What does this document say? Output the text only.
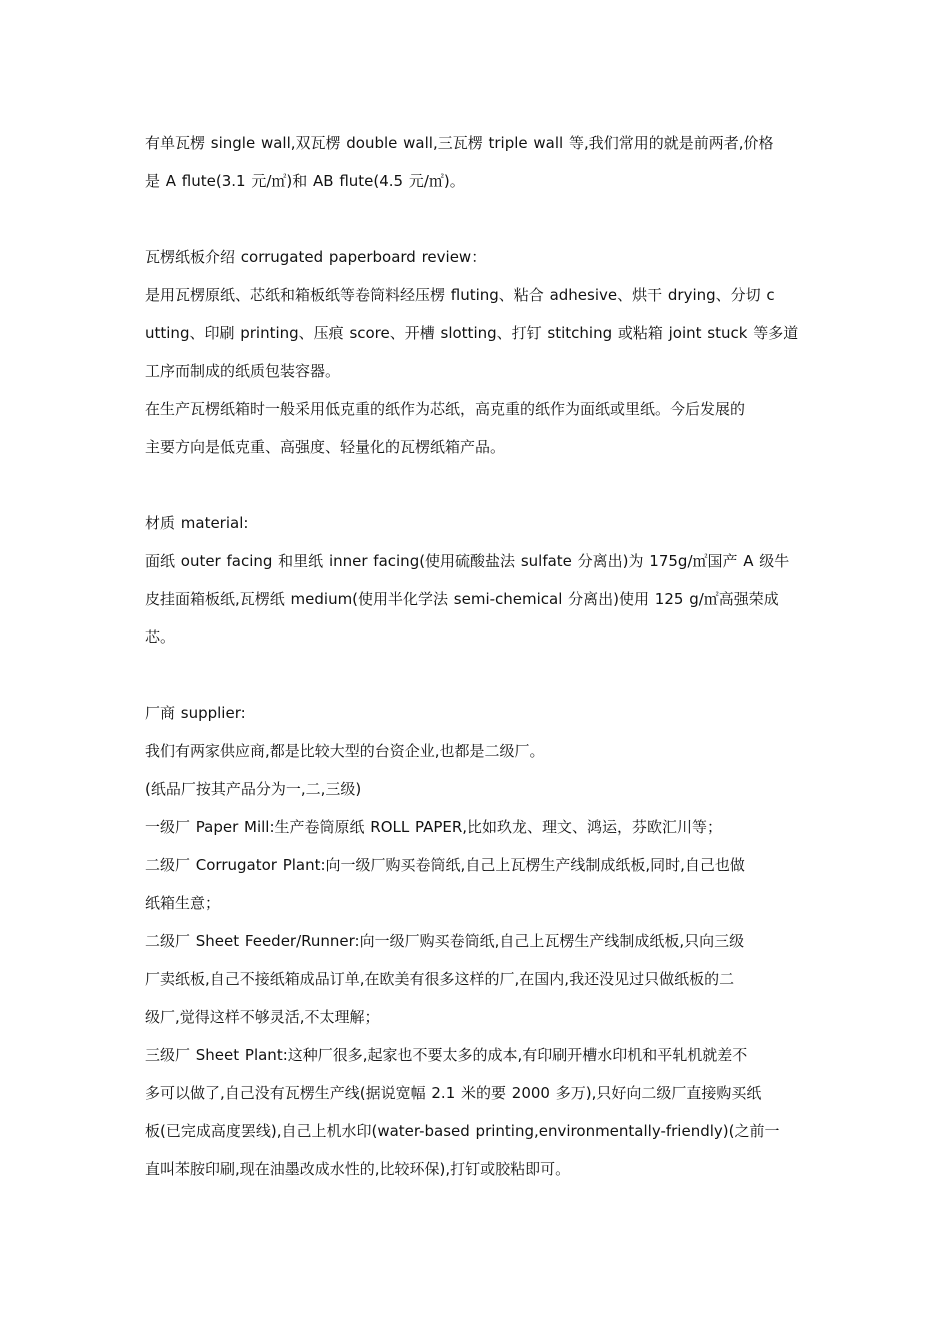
有单瓦楞 single wall,双瓦楞 double wall,三瓦楞 triple wall 等,我们常用的就是前两者,价格
是 A flute(3.1 元/㎡)和 AB flute(4.5 元/㎡)。
瓦楞纸板介绍 corrugated paperboard review：
是用瓦楞原纸、芯纸和箱板纸等卷筒料经压楞 fluting、粘合 adhesive、烘干 drying、分切 c
utting、印刷 printing、压痕 score、开槽 slotting、打钉 stitching 或粘箱 joint stuck 等多道
工序而制成的纸质包装容器。
在生产瓦楞纸箱时一般采用低克重的纸作为芯纸，高克重的纸作为面纸或里纸。今后发展的
主要方向是低克重、高强度、轻量化的瓦楞纸箱产品。
材质 material:
面纸 outer facing 和里纸 inner facing(使用硫酸盐法 sulfate 分离出)为 175g/㎡国产 A 级牛
皮挂面箱板纸,瓦楞纸 medium(使用半化学法 semi-chemical 分离出)使用 125 g/㎡高强荣成
芯。
厂商 supplier:
我们有两家供应商,都是比较大型的台资企业,也都是二级厂。
(纸品厂按其产品分为一,二,三级)
一级厂 Paper Mill:生产卷筒原纸 ROLL PAPER,比如玖龙、理文、鸿运，芬欧汇川等；
二级厂 Corrugator Plant:向一级厂购买卷筒纸,自己上瓦楞生产线制成纸板,同时,自己也做
纸箱生意；
二级厂 Sheet Feeder/Runner:向一级厂购买卷筒纸,自己上瓦楞生产线制成纸板,只向三级
厂卖纸板,自己不接纸箱成品订单,在欧美有很多这样的厂,在国内,我还没见过只做纸板的二
级厂,觉得这样不够灵活,不太理解；
三级厂 Sheet Plant:这种厂很多,起家也不要太多的成本,有印刷开槽水印机和平轧机就差不
多可以做了,自己没有瓦楞生产线(据说宽幅 2.1 米的要 2000 多万),只好向二级厂直接购买纸
板(已完成高度罢线),自己上机水印(water-based printing,environmentally-friendly)(之前一
直叫苯胺印刷,现在油墨改成水性的,比较环保),打钉或胶粘即可。
